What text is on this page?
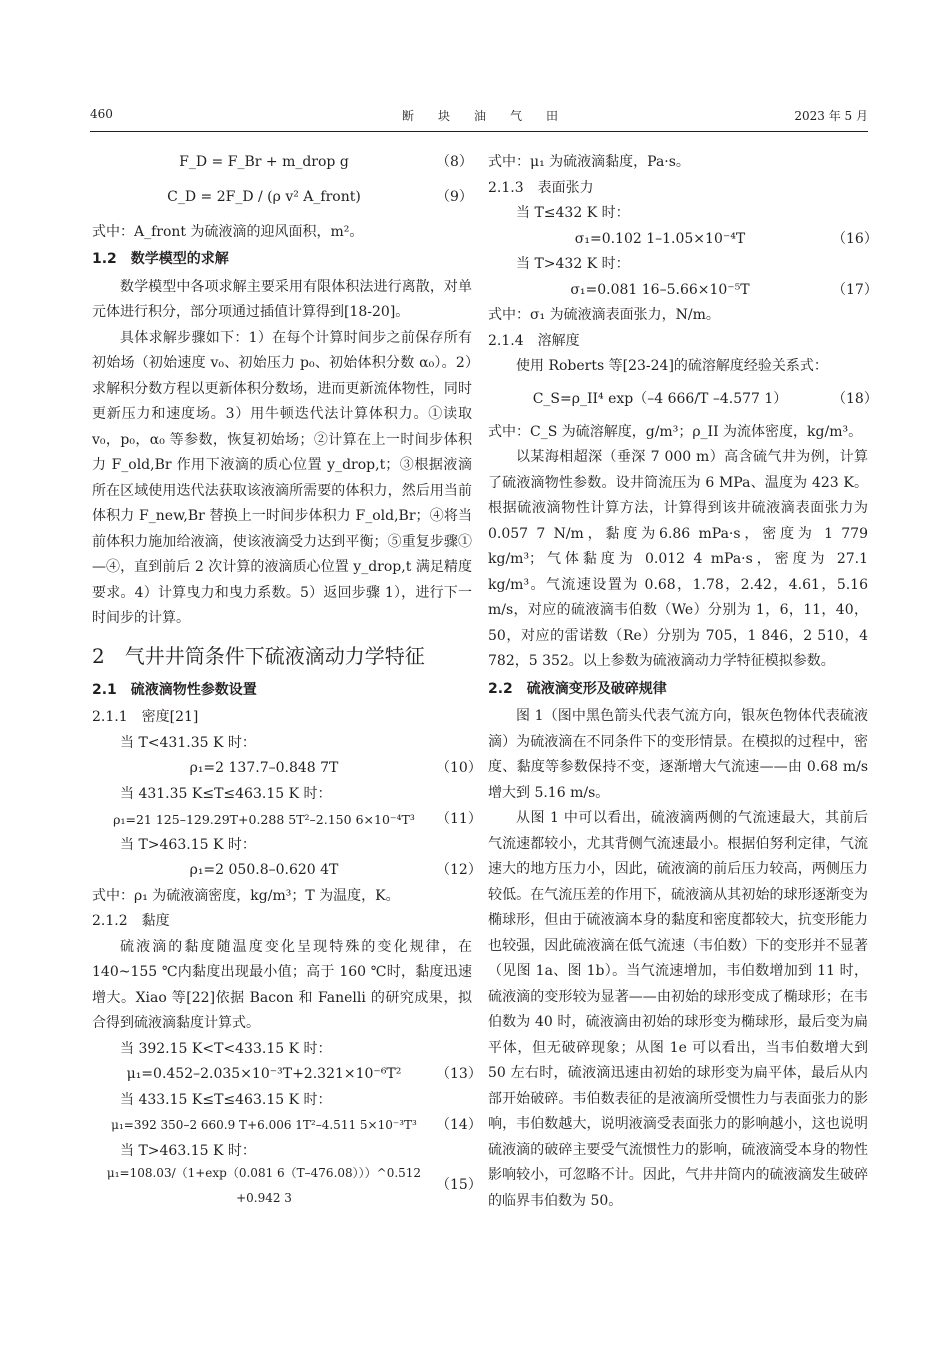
460	断　　块　　油　　气　　田	2023 年 5 月
F_D = F_Br + m_drop g	（8）
C_D = 2F_D / (ρ v² A_front)	（9）

式中：A_front 为硫液滴的迎风面积，m²。

1.2　数学模型的求解

数学模型中各项求解主要采用有限体积法进行离散，对单元体进行积分，部分项通过插值计算得到[18-20]。

具体求解步骤如下：1）在每个计算时间步之前保存所有初始场（初始速度 v₀、初始压力 p₀、初始体积分数 α₀）。2）求解积分数方程以更新体积分数场，进而更新流体物性，同时更新压力和速度场。3）用牛顿迭代法计算体积力。①读取 v₀，p₀，α₀ 等参数，恢复初始场；②计算在上一时间步体积力 F_old,Br 作用下液滴的质心位置 y_drop,t；③根据液滴所在区域使用迭代法获取该液滴所需要的体积力，然后用当前体积力 F_new,Br 替换上一时间步体积力 F_old,Br；④将当前体积力施加给液滴，使该液滴受力达到平衡；⑤重复步骤①—④，直到前后 2 次计算的液滴质心位置 y_drop,t 满足精度要求。4）计算曳力和曳力系数。5）返回步骤 1），进行下一时间步的计算。

2　气井井筒条件下硫液滴动力学特征
2.1　硫液滴物性参数设置
2.1.1　密度[21]
当 T<431.35 K 时：
ρ₁=2 137.7–0.848 7T	（10）
当 431.35 K≤T≤463.15 K 时：
ρ₁=21 125–129.29T+0.288 5T²–2.150 6×10⁻⁴T³	（11）
当 T>463.15 K 时：
ρ₁=2 050.8–0.620 4T	（12）

式中：ρ₁ 为硫液滴密度，kg/m³；T 为温度，K。

2.1.2　黏度

硫液滴的黏度随温度变化呈现特殊的变化规律，在 140~155 ℃内黏度出现最小值；高于 160 ℃时，黏度迅速增大。Xiao 等[22]依据 Bacon 和 Fanelli 的研究成果，拟合得到硫液滴黏度计算式。

当 392.15 K<T<433.15 K 时：
μ₁=0.452–2.035×10⁻³T+2.321×10⁻⁶T²	（13）
当 433.15 K≤T≤463.15 K 时：
μ₁=392 350–2 660.9 T+6.006 1T²–4.511 5×10⁻³T³	（14）
当 T>463.15 K 时：
μ₁=108.03/（1+exp（0.081 6（T–476.08）））^0.512 +0.942 3
（15）

式中：μ₁ 为硫液滴黏度，Pa·s。

2.1.3　表面张力
当 T≤432 K 时：
σ₁=0.102 1–1.05×10⁻⁴T	（16）
当 T>432 K 时：
σ₁=0.081 16–5.66×10⁻⁵T	（17）

式中：σ₁ 为硫液滴表面张力，N/m。

2.1.4　溶解度

使用 Roberts 等[23-24]的硫溶解度经验关系式：

C_S=ρ_II⁴ exp（–4 666/T –4.577 1）	（18）

式中：C_S 为硫溶解度，g/m³；ρ_II 为流体密度，kg/m³。

以某海相超深（垂深 7 000 m）高含硫气井为例，计算了硫液滴物性参数。设井筒流压为 6 MPa、温度为 423 K。根据硫液滴物性计算方法，计算得到该井硫液滴表面张力为 0.057 7 N/m，黏度为6.86 mPa·s，密度为 1 779 kg/m³；气体黏度为 0.012 4 mPa·s，密度为 27.1 kg/m³。气流速设置为 0.68，1.78，2.42，4.61，5.16 m/s，对应的硫液滴韦伯数（We）分别为 1，6，11，40，50，对应的雷诺数（Re）分别为 705，1 846，2 510，4 782，5 352。以上参数为硫液滴动力学特征模拟参数。

2.2　硫液滴变形及破碎规律

图 1（图中黑色箭头代表气流方向，银灰色物体代表硫液滴）为硫液滴在不同条件下的变形情景。在模拟的过程中，密度、黏度等参数保持不变，逐渐增大气流速——由 0.68 m/s 增大到 5.16 m/s。

从图 1 中可以看出，硫液滴两侧的气流速最大，其前后气流速都较小，尤其背侧气流速最小。根据伯努利定律，气流速大的地方压力小，因此，硫液滴的前后压力较高，两侧压力较低。在气流压差的作用下，硫液滴从其初始的球形逐渐变为椭球形，但由于硫液滴本身的黏度和密度都较大，抗变形能力也较强，因此硫液滴在低气流速（韦伯数）下的变形并不显著（见图 1a、图 1b）。当气流速增加，韦伯数增加到 11 时，硫液滴的变形较为显著——由初始的球形变成了椭球形；在韦伯数为 40 时，硫液滴由初始的球形变为椭球形，最后变为扁平体，但无破碎现象；从图 1e 可以看出，当韦伯数增大到 50 左右时，硫液滴迅速由初始的球形变为扁平体，最后从内部开始破碎。韦伯数表征的是液滴所受惯性力与表面张力的影响，韦伯数越大，说明液滴受表面张力的影响越小，这也说明硫液滴的破碎主要受气流惯性力的影响，硫液滴受本身的物性影响较小，可忽略不计。因此，气井井筒内的硫液滴发生破碎的临界韦伯数为 50。
